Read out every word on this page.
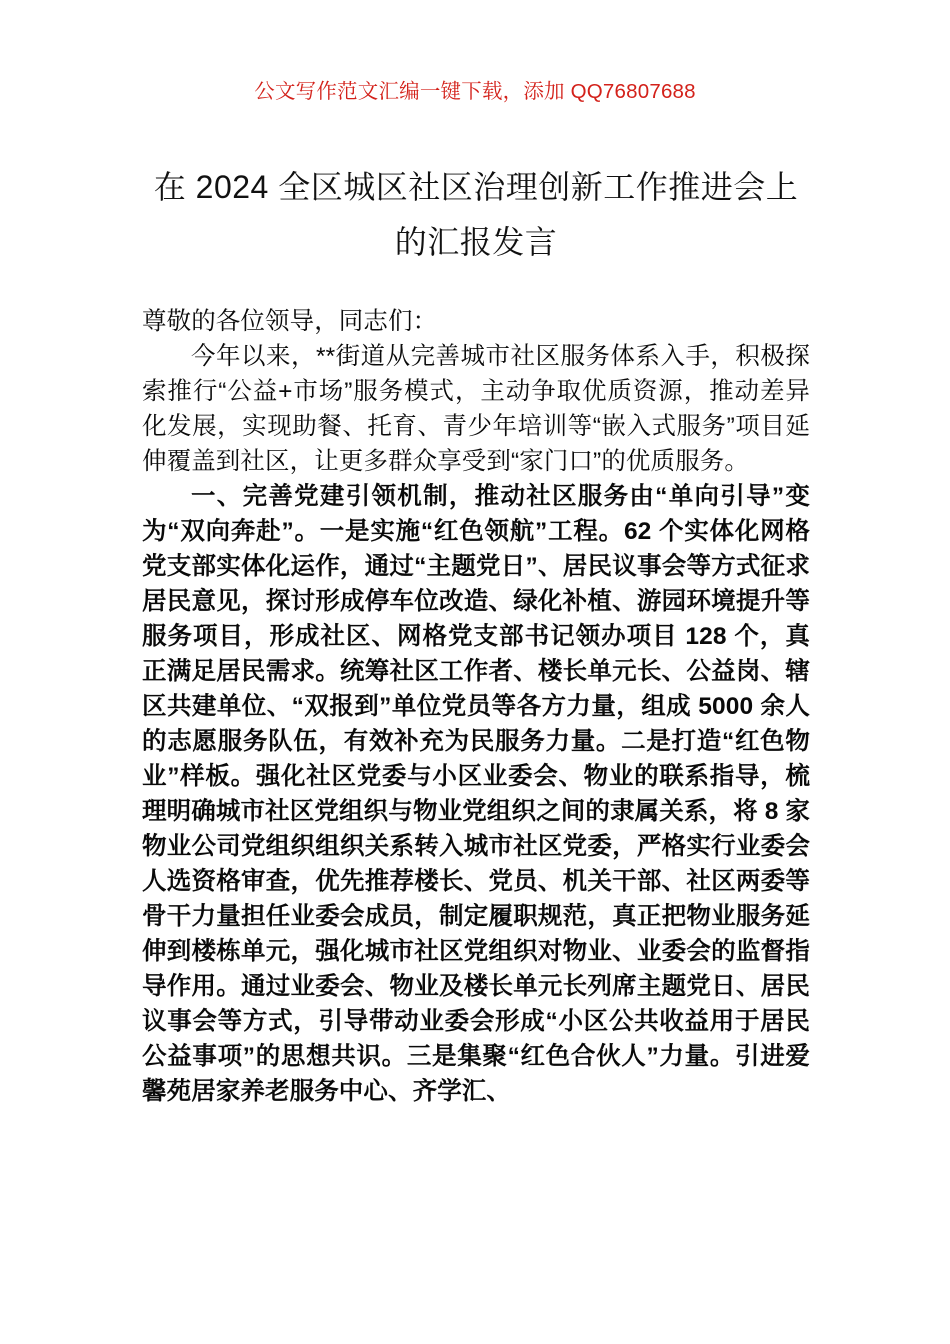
公文写作范文汇编一键下载，添加 QQ76807688
在 2024 全区城区社区治理创新工作推进会上的汇报发言

尊敬的各位领导，同志们：

今年以来，**街道从完善城市社区服务体系入手，积极探索推行“公益+市场”服务模式，主动争取优质资源，推动差异化发展，实现助餐、托育、青少年培训等“嵌入式服务”项目延伸覆盖到社区，让更多群众享受到“家门口”的优质服务。

一、完善党建引领机制，推动社区服务由“单向引导”变为“双向奔赴”。一是实施“红色领航”工程。62 个实体化网格党支部实体化运作，通过“主题党日”、居民议事会等方式征求居民意见，探讨形成停车位改造、绿化补植、游园环境提升等服务项目，形成社区、网格党支部书记领办项目 128 个，真正满足居民需求。统筹社区工作者、楼长单元长、公益岗、辖区共建单位、“双报到”单位党员等各方力量，组成 5000 余人的志愿服务队伍，有效补充为民服务力量。二是打造“红色物业”样板。强化社区党委与小区业委会、物业的联系指导，梳理明确城市社区党组织与物业党组织之间的隶属关系，将 8 家物业公司党组织组织关系转入城市社区党委，严格实行业委会人选资格审查，优先推荐楼长、党员、机关干部、社区两委等骨干力量担任业委会成员，制定履职规范，真正把物业服务延伸到楼栋单元，强化城市社区党组织对物业、业委会的监督指导作用。通过业委会、物业及楼长单元长列席主题党日、居民议事会等方式，引导带动业委会形成“小区公共收益用于居民公益事项”的思想共识。三是集聚“红色合伙人”力量。引进爱馨苑居家养老服务中心、齐学汇、
